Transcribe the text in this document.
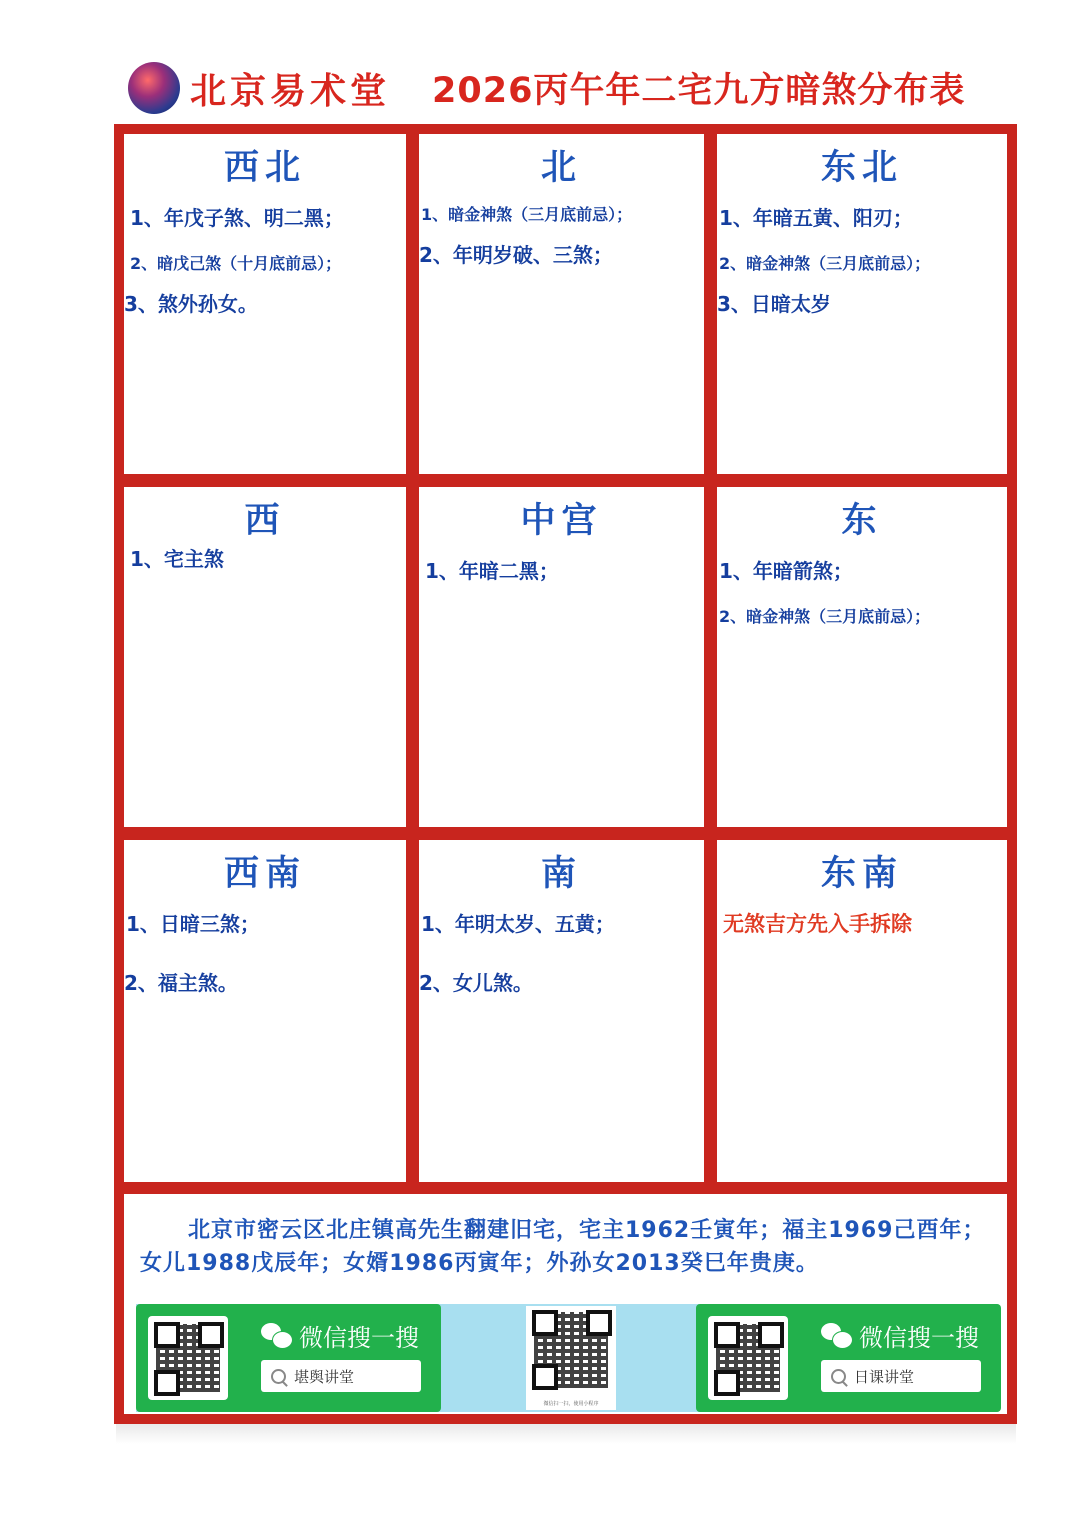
北京易术堂 2026丙午年二宅九方暗煞分布表
西北
1、年戊子煞、明二黑；
2、暗戊己煞（十月底前忌）；
3、煞外孙女。
北
1、暗金神煞（三月底前忌）；
2、年明岁破、三煞；
东北
1、年暗五黄、阳刃；
2、暗金神煞（三月底前忌）；
3、日暗太岁
西
1、宅主煞
中宫
1、年暗二黑；
东
1、年暗箭煞；
2、暗金神煞（三月底前忌）；
西南
1、日暗三煞；
2、福主煞。
南
1、年明太岁、五黄；
2、女儿煞。
东南
无煞吉方先入手拆除
北京市密云区北庄镇高先生翻建旧宅，宅主1962壬寅年；福主1969己酉年；女儿1988戊辰年；女婿1986丙寅年；外孙女2013癸巳年贵庚。
微信搜一搜
堪舆讲堂
微信扫一扫，使用小程序
微信搜一搜
日课讲堂
